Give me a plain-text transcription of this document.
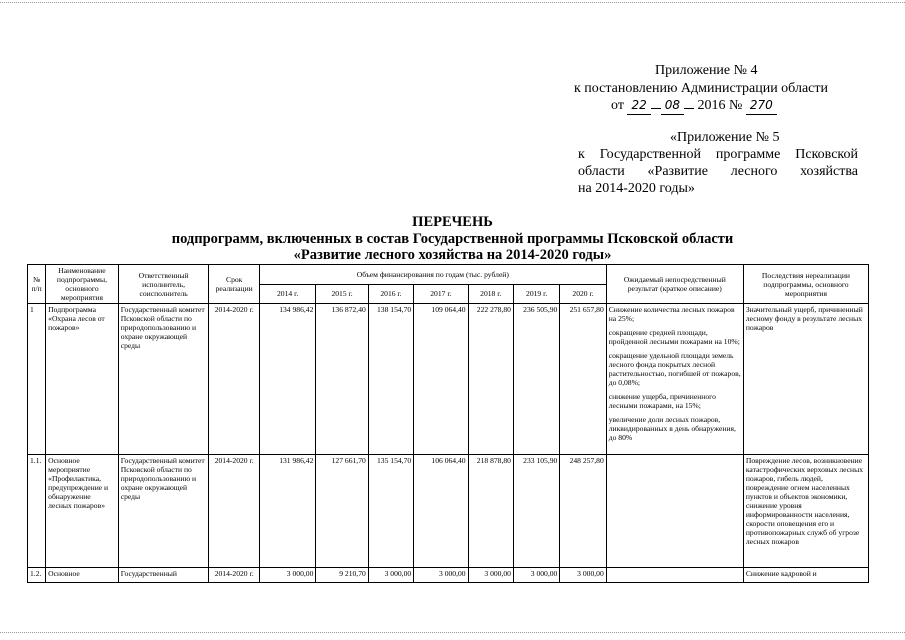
Приложение № 4
к постановлению Администрации области
от 22 08 2016 № 270
«Приложение № 5
к Государственной программе Псковской
области «Развитие лесного хозяйства
на 2014-2020 годы»
ПЕРЕЧЕНЬ
подпрограмм, включенных в состав Государственной программы Псковской области
«Развитие лесного хозяйства на 2014-2020 годы»
№ п/п	Наименование подпрограммы, основного мероприятия	Ответственный исполнитель, соисполнитель	Срок реализации	Объем финансирования по годам (тыс. рублей)							Ожидаемый непосредственный результат (краткое описание)	Последствия нереализации подпрограммы, основного мероприятия
				2014 г.	2015 г.	2016 г.	2017 г.	2018 г.	2019 г.	2020 г.		
1	Подпрограмма «Охрана лесов от пожаров»	Государственный комитет Псковской области по природопользованию и охране окружающей среды	2014-2020 г.	134 986,42	136 872,40	138 154,70	109 064,40	222 278,80	236 505,90	251 657,80	Снижение количества лесных пожаров на 25%;
сокращение средней площади, пройденной лесными пожарами на 10%;
сокращение удельной площади земель лесного фонда покрытых лесной растительностью, погибшей от пожаров, до 0,08%;
снижение ущерба, причиненного лесными пожарами, на 15%;
увеличение доли лесных пожаров, ликвидированных в день обнаружения, до 80%	Значительный ущерб, причиненный лесному фонду в результате лесных пожаров
1.1.	Основное мероприятие «Профилактика, предупреждение и обнаружение лесных пожаров»	Государственный комитет Псковской области по природопользованию и охране окружающей среды	2014-2020 г.	131 986,42	127 661,70	135 154,70	106 064,40	218 878,80	233 105,90	248 257,80		Повреждение лесов, возникновение катастрофических верховых лесных пожаров, гибель людей, повреждение огнем населенных пунктов и объектов экономики, снижение уровня информированности населения, скорости оповещения его и противопожарных служб об угрозе лесных пожаров
1.2.	Основное	Государственный	2014-2020 г.	3 000,00	9 210,70	3 000,00	3 000,00	3 000,00	3 000,00	3 000,00		Снижение кадровой и
